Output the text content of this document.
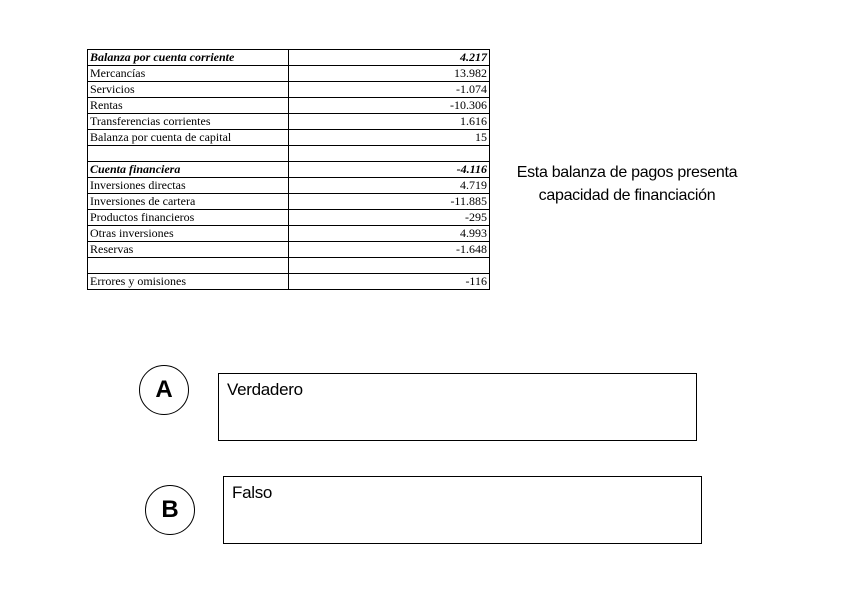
Balanza por cuenta corriente	4.217
Mercancías	13.982
Servicios	-1.074
Rentas	-10.306
Transferencias corrientes	1.616
Balanza por cuenta de capital	15

Cuenta financiera	-4.116
Inversiones directas	4.719
Inversiones de cartera	-11.885
Productos financieros	-295
Otras inversiones	4.993
Reservas	-1.648

Errores y omisiones	-116
Esta balanza de pagos presenta
capacidad de financiación
A	Verdadero
B
Falso
